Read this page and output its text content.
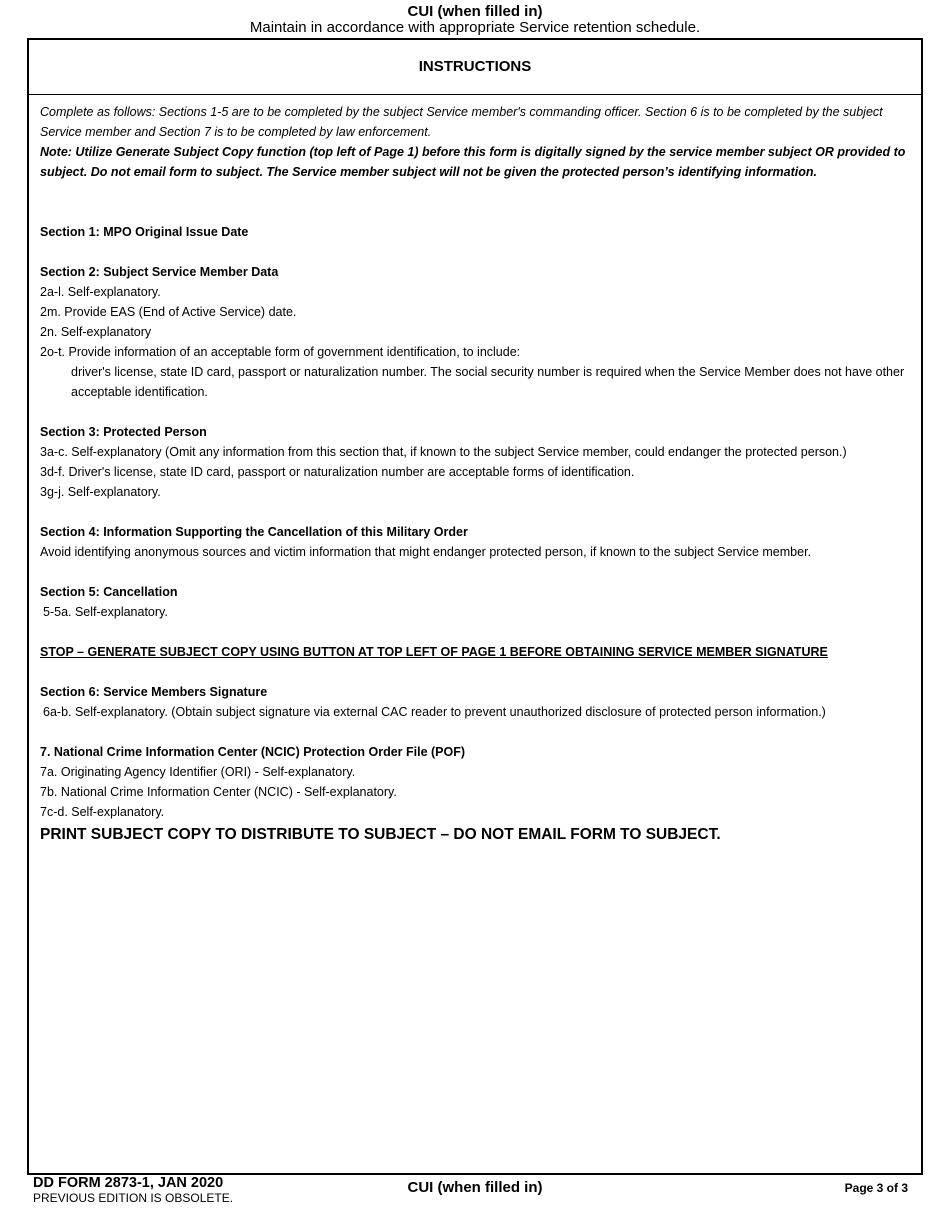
CUI (when filled in)
Maintain in accordance with appropriate Service retention schedule.
INSTRUCTIONS

Complete as follows: Sections 1-5 are to be completed by the subject Service member's commanding officer. Section 6 is to be completed by the subject Service member and Section 7 is to be completed by law enforcement.

Note: Utilize Generate Subject Copy function (top left of Page 1) before this form is digitally signed by the service member subject OR provided to subject. Do not email form to subject. The Service member subject will not be given the protected person’s identifying information.

Section 1: MPO Original Issue Date

Section 2: Subject Service Member Data

2a-l. Self-explanatory.

2m. Provide EAS (End of Active Service) date.

2n. Self-explanatory

2o-t. Provide information of an acceptable form of government identification, to include:

driver's license, state ID card, passport or naturalization number. The social security number is required when the Service Member does not have other acceptable identification.

Section 3: Protected Person

3a-c. Self-explanatory (Omit any information from this section that, if known to the subject Service member, could endanger the protected person.)

3d-f. Driver's license, state ID card, passport or naturalization number are acceptable forms of identification.

3g-j. Self-explanatory.

Section 4: Information Supporting the Cancellation of this Military Order

Avoid identifying anonymous sources and victim information that might endanger protected person, if known to the subject Service member.

Section 5: Cancellation

5-5a. Self-explanatory.

STOP – GENERATE SUBJECT COPY USING BUTTON AT TOP LEFT OF PAGE 1 BEFORE OBTAINING SERVICE MEMBER SIGNATURE

Section 6: Service Members Signature

6a-b. Self-explanatory. (Obtain subject signature via external CAC reader to prevent unauthorized disclosure of protected person information.)

7. National Crime Information Center (NCIC) Protection Order File (POF)

7a. Originating Agency Identifier (ORI) - Self-explanatory.

7b. National Crime Information Center (NCIC) - Self-explanatory.

7c-d. Self-explanatory.

PRINT SUBJECT COPY TO DISTRIBUTE TO SUBJECT – DO NOT EMAIL FORM TO SUBJECT.

DD FORM 2873-1, JAN 2020
PREVIOUS EDITION IS OBSOLETE.
CUI (when filled in)	Page 3 of 3
